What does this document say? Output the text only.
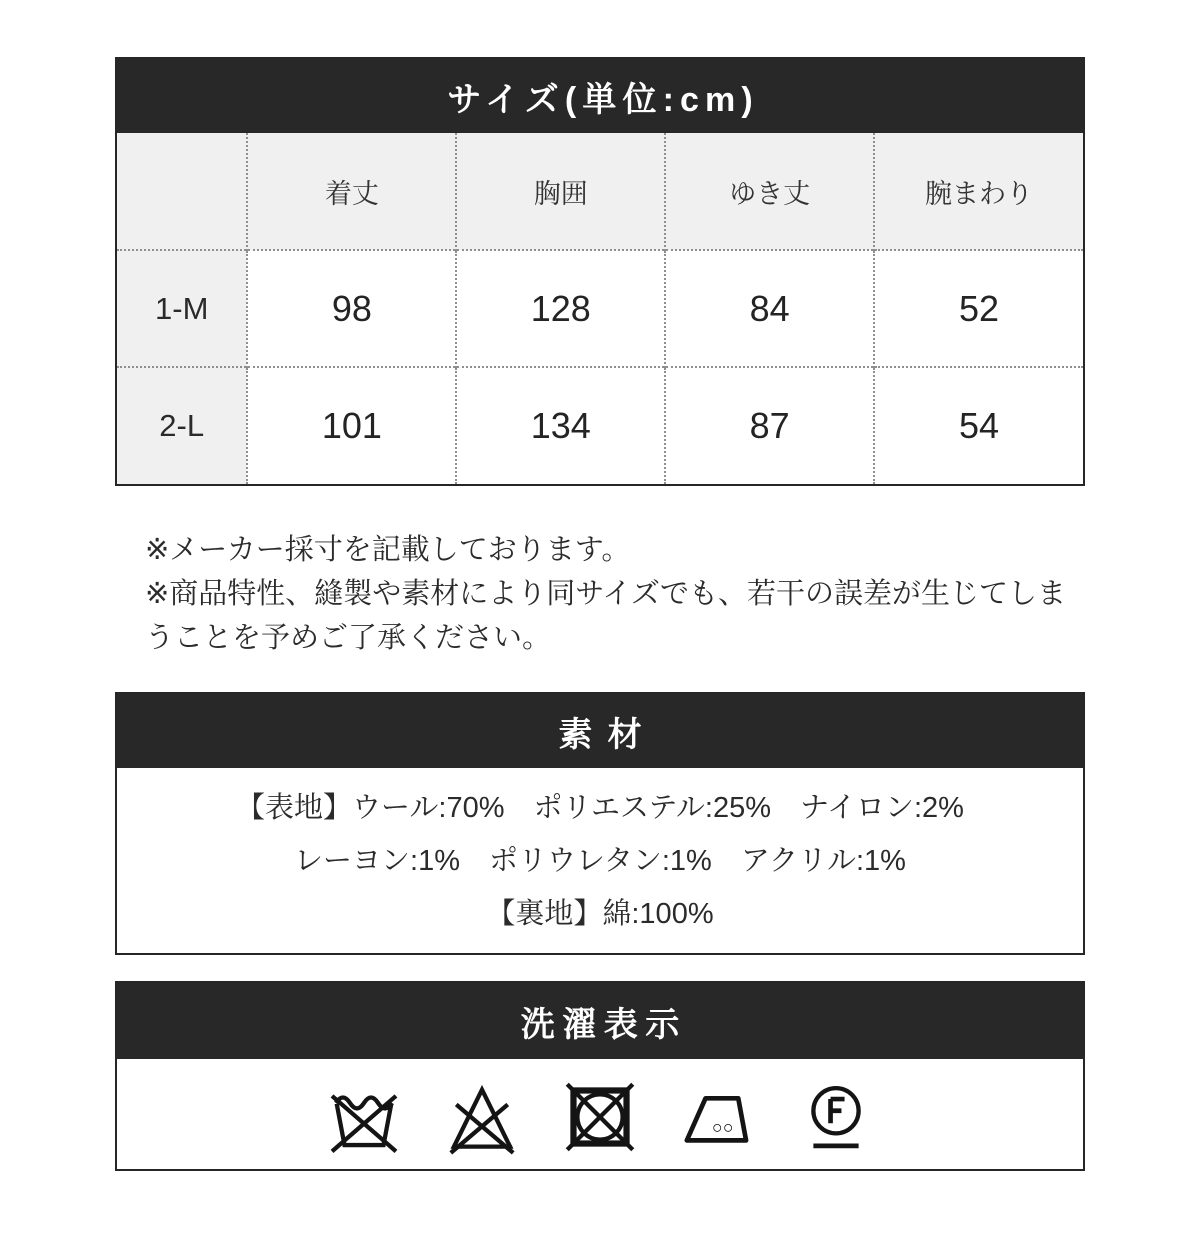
サイズ(単位:cm)
	着丈	胸囲	ゆき丈	腕まわり
1-M	98	128	84	52
2-L	101	134	87	54

※メーカー採寸を記載しております。

※商品特性、縫製や素材により同サイズでも、若干の誤差が生じてしまうことを予めご了承ください。

素材
【表地】ウール:70%　ポリエステル:25%　ナイロン:2%
レーヨン:1%　ポリウレタン:1%　アクリル:1%
【裏地】綿:100%
洗濯表示
